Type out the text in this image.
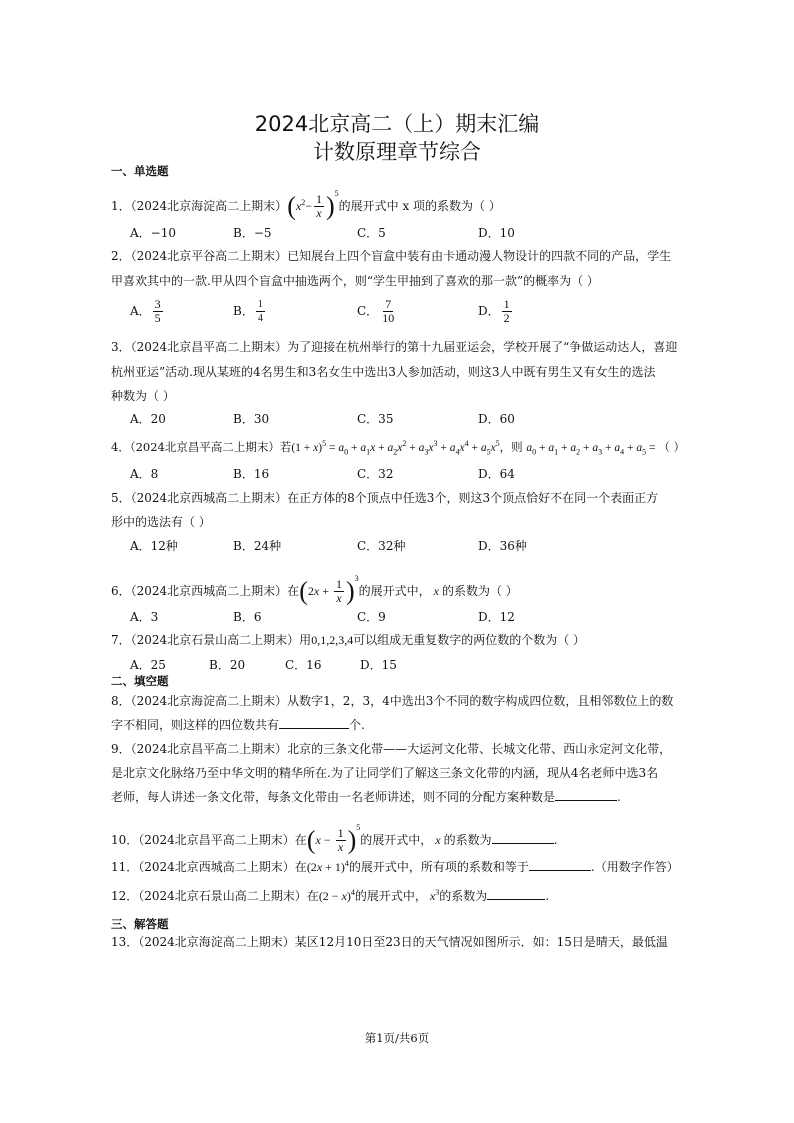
2024北京高二（上）期末汇编
计数原理章节综合
一、单选题
1．（2024北京海淀高二上期末）$(x^2- \frac{1}{x} )^5$的展开式中 x 项的系数为（ ）
A．−10	B．−5	C．5	D．10
2．（2024北京平谷高二上期末）已知展台上四个盲盒中装有由卡通动漫人物设计的四款不同的产品，学生
甲喜欢其中的一款.甲从四个盲盒中抽选两个，则“学生甲抽到了喜欢的那一款”的概率为（ ）
A． $\frac{3}{5}$	B． $\frac{1}{4}$	C． $\frac{7}{10}$	D． $\frac{1}{2}$
3．（2024北京昌平高二上期末）为了迎接在杭州举行的第十九届亚运会，学校开展了“争做运动达人，喜迎
杭州亚运”活动.现从某班的4名男生和3名女生中选出3人参加活动，则这3人中既有男生又有女生的选法
种数为（ ）
A．20	B．30	C．35	D．60
4．（2024北京昌平高二上期末）若$(1 + x)^5 = a_0 + a_1x + a_2x^2 + a_3x^3 + a_4x^4 + a_5x^5$，则 $a_0 + a_1 + a_2 + a_3 + a_4 + a_5$ = （ ）
A．8	B．16	C．32	D．64
5．（2024北京西城高二上期末）在正方体的8个顶点中任选3个，则这3个顶点恰好不在同一个表面正方
形中的选法有（ ）
A．12种	B．24种	C．32种	D．36种
6．（2024北京西城高二上期末）在$(2x + \frac{1}{x} )^3$的展开式中， x 的系数为（ ）
A．3	B．6	C．9	D．12
7．（2024北京石景山高二上期末）用0,1,2,3,4可以组成无重复数字的两位数的个数为（ ）
A．25	B．20	C．16	D．15
二、填空题
8．（2024北京海淀高二上期末）从数字1，2，3，4中选出3个不同的数字构成四位数，且相邻数位上的数
字不相同，则这样的四位数共有	个.
9．（2024北京昌平高二上期末）北京的三条文化带——大运河文化带、长城文化带、西山永定河文化带，
是北京文化脉络乃至中华文明的精华所在.为了让同学们了解这三条文化带的内涵，现从4名老师中选3名
老师，每人讲述一条文化带，每条文化带由一名老师讲述，则不同的分配方案种数是	.
10．（2024北京昌平高二上期末）在$(x - \frac{1}{x} )^5$的展开式中， x 的系数为	.
11．（2024北京西城高二上期末）在$(2x + 1)^4$的展开式中，所有项的系数和等于	.（用数字作答）
12．（2024北京石景山高二上期末）在$(2 - x)^4$的展开式中， $x^3$的系数为	.
三、解答题
13．（2024北京海淀高二上期末）某区12月10日至23日的天气情况如图所示．如：15日是晴天，最低温
第1页/共6页
